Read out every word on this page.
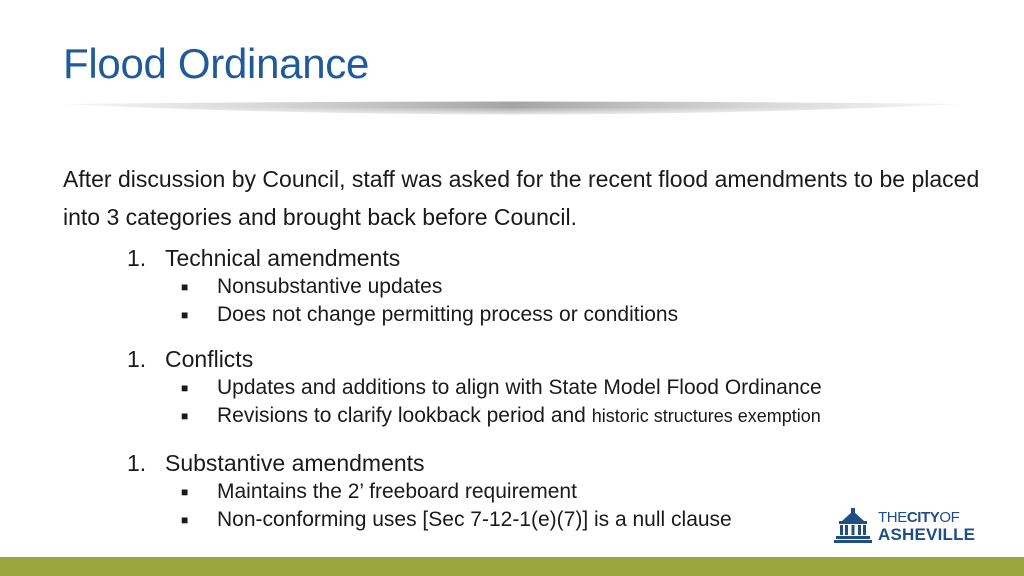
Flood Ordinance
After discussion by Council, staff was asked for the recent flood amendments to be placed into 3 categories and brought back before Council.
1. Technical amendments
■	Nonsubstantive updates
■	Does not change permitting process or conditions
1. Conflicts
■	Updates and additions to align with State Model Flood Ordinance
■	Revisions to clarify lookback period and historic structures exemption
1. Substantive amendments
■	Maintains the 2’ freeboard requirement
■	Non-conforming uses [Sec 7-12-1(e)(7)] is a null clause	THECITYOF
ASHEVILLE
